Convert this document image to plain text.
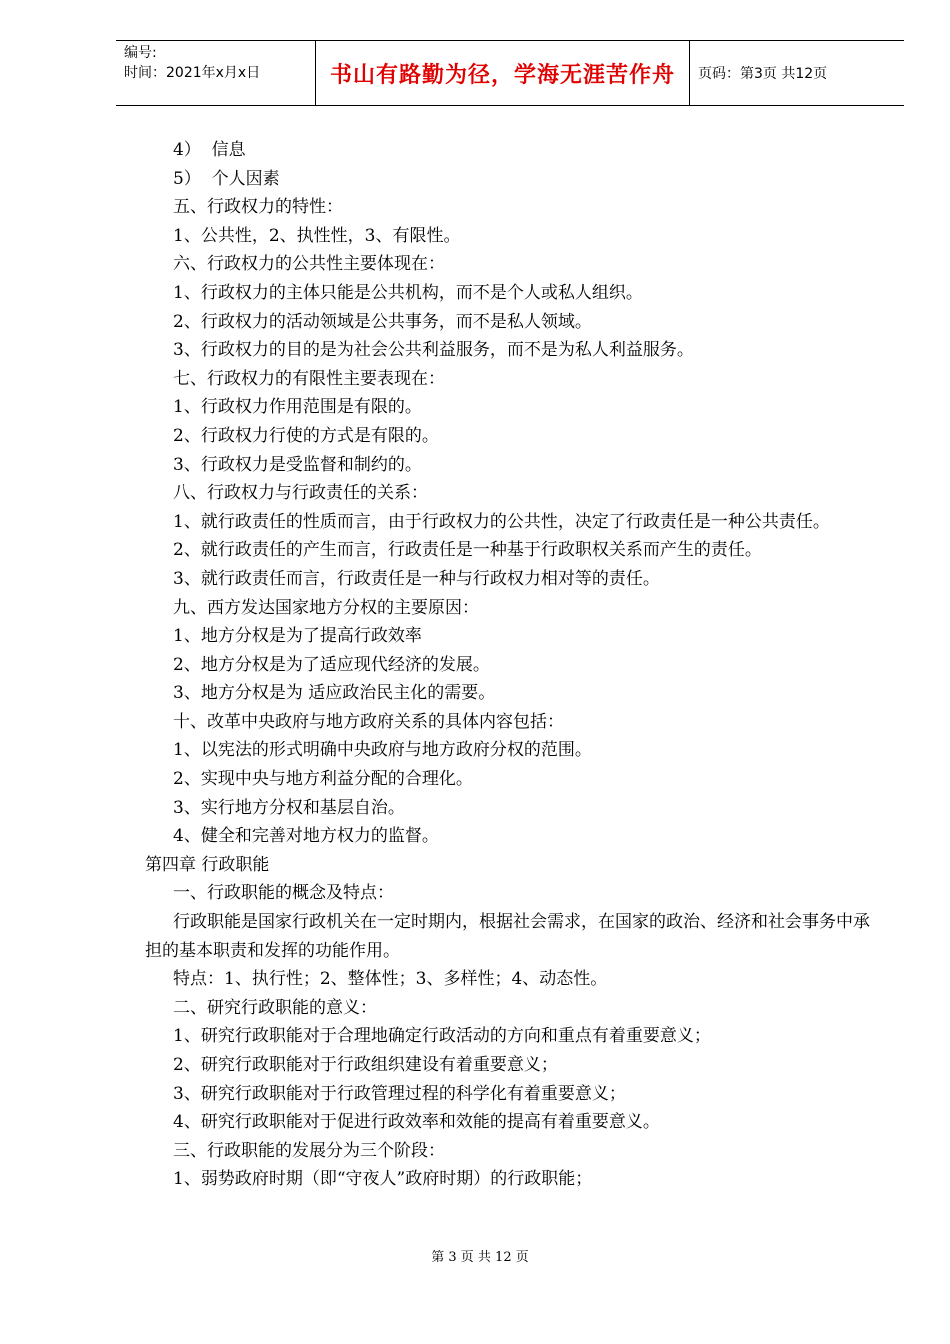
编号:
时间：2021年x月x日	书山有路勤为径，学海无涯苦作舟	页码：第3页 共12页

4）  信息

5）  个人因素

五、行政权力的特性：

1、公共性，2、执性性，3、有限性。

六、行政权力的公共性主要体现在：

1、行政权力的主体只能是公共机构，而不是个人或私人组织。

2、行政权力的活动领域是公共事务，而不是私人领域。

3、行政权力的目的是为社会公共利益服务，而不是为私人利益服务。

七、行政权力的有限性主要表现在：

1、行政权力作用范围是有限的。

2、行政权力行使的方式是有限的。

3、行政权力是受监督和制约的。

八、行政权力与行政责任的关系：

1、就行政责任的性质而言，由于行政权力的公共性，决定了行政责任是一种公共责任。

2、就行政责任的产生而言，行政责任是一种基于行政职权关系而产生的责任。

3、就行政责任而言，行政责任是一种与行政权力相对等的责任。

九、西方发达国家地方分权的主要原因：

1、地方分权是为了提高行政效率

2、地方分权是为了适应现代经济的发展。

3、地方分权是为 适应政治民主化的需要。

十、改革中央政府与地方政府关系的具体内容包括：

1、以宪法的形式明确中央政府与地方政府分权的范围。

2、实现中央与地方利益分配的合理化。

3、实行地方分权和基层自治。

4、健全和完善对地方权力的监督。

第四章 行政职能

一、行政职能的概念及特点：

行政职能是国家行政机关在一定时期内，根据社会需求，在国家的政治、经济和社会事务中承担的基本职责和发挥的功能作用。

特点：1、执行性；2、整体性；3、多样性；4、动态性。

二、研究行政职能的意义：

1、研究行政职能对于合理地确定行政活动的方向和重点有着重要意义；

2、研究行政职能对于行政组织建设有着重要意义；

3、研究行政职能对于行政管理过程的科学化有着重要意义；

4、研究行政职能对于促进行政效率和效能的提高有着重要意义。

三、行政职能的发展分为三个阶段：

1、弱势政府时期（即“守夜人”政府时期）的行政职能；

第 3 页 共 12 页
